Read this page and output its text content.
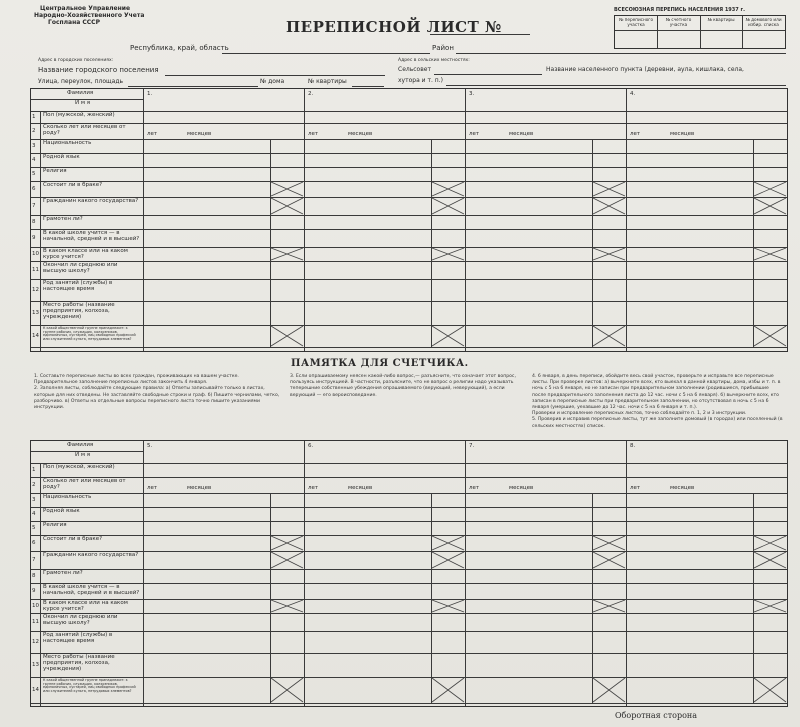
Центральное Управление
Народно-Хозяйственного Учета
Госплана СССР	ПЕРЕПИСНОЙ ЛИСТ №
ВСЕСОЮЗНАЯ ПЕРЕПИСЬ НАСЕЛЕНИЯ 1937 г.
№ переписного участка
№ счетного участка
№ квартиры	№ домового или избир. списка
Республика, край, область	Район
Адрес в городских поселениях:
Название городского поселения
Улица, переулок, площадь	№ дома	№ квартиры
Адрес в сельских местностях:
Сельсовет	Название населенного пункта (деревни, аула, кишлака, села,
хутора и т. п.)
Фамилия
И м я
1.	2.	3.	4.
1 Пол (мужской, женский)
2
Сколько лет или месяцев от роду?	лет	месяцев	лет	месяцев	лет	месяцев	лет	месяцев
3 Национальность
4 Родной язык
5 Религия
6
Состоит ли в браке?
7
Гражданин какого государства?
8 Грамотен ли?
9
В какой школе учится — в начальной, средней и в высшей?
10 В каком классе или на каком курсе учится?
11
Окончил ли среднюю или высшую школу?
12
Род занятий (службы) в настоящее время
13
Место работы (название предприятия, колхоза, учреждения)
14
К какой общественной группе принадлежит: к группе рабочих, служащих, колхозников, единоличных, кустарей, лиц свободных профессий или служителей культа, нетрудовых элементов?
ПАМЯТКА ДЛЯ СЧЕТЧИКА.
1. Составьте переписные листы во всех граждан, проживающих на вашем участке. Предварительное заполнение переписных листов закончить 4 января.
2. Заполняя листы, соблюдайте следующие правила: а) Ответы записывайте только в листах, которые для них отведены. Не заставляйте свободные строки и граф. б) Пишите чернилами, четко, разборчиво. в) Ответы на отдельные вопросы переписного листа точно пишите указаниями инструкции.
3. Если опрашиваемому неясен какой-либо вопрос,— разъясните, что означает этот вопрос, пользуясь инструкцией. В частности, разъясните, что не вопрос о религии надо указывать теперешние собственные убеждения опрашиваемого (верующий, неверующий), а если верующий — его вероисповедание.
4. 6 января, в день переписи, обойдите весь свой участок, проверьте и исправьте все переписные листы. При проверке листов: а) вычеркните всех, кто выехал в данной квартиры, дома, избы и т. п. в ночь с 5 на 6 января, но не записан при предварительном заполнении (родившиеся, прибывшие после предварительного заполнения листа до 12 час. ночи с 5 на 6 января). б) вычеркните всех, кто записан в переписные листы при предварительном заполнении, но отсутствовал в ночь с 5 на 6 января (умершие, уехавшие до 12 час. ночи с 5 на 6 января и т. п.).
Проверки и исправление переписных листов, точно соблюдайте п. 1, 2 и 3 инструкции.
5. Проверив и исправив переписные листы, тут же заполните домовый (в городах) или поселенный (в сельских местностях) список.
Фамилия
И м я
5.	6.	7.	8.
1 Пол (мужской, женский)
2
Сколько лет или месяцев от роду?	лет	месяцев	лет	месяцев	лет	месяцев	лет	месяцев
3 Национальность
4 Родной язык
5 Религия
6
Состоит ли в браке?
7
Гражданин какого государства?
8 Грамотен ли?
9
В какой школе учится — в начальной, средней и в высшей?
10 В каком классе или на каком курсе учится?
11
Окончил ли среднюю или высшую школу?
12
Род занятий (службы) в настоящее время
13
Место работы (название предприятия, колхоза, учреждения)
14
К какой общественной группе принадлежит: к группе рабочих, служащих, колхозников, единоличных, кустарей, лиц свободных профессий или служителей культа, нетрудовых элементов?
Оборотная сторона
